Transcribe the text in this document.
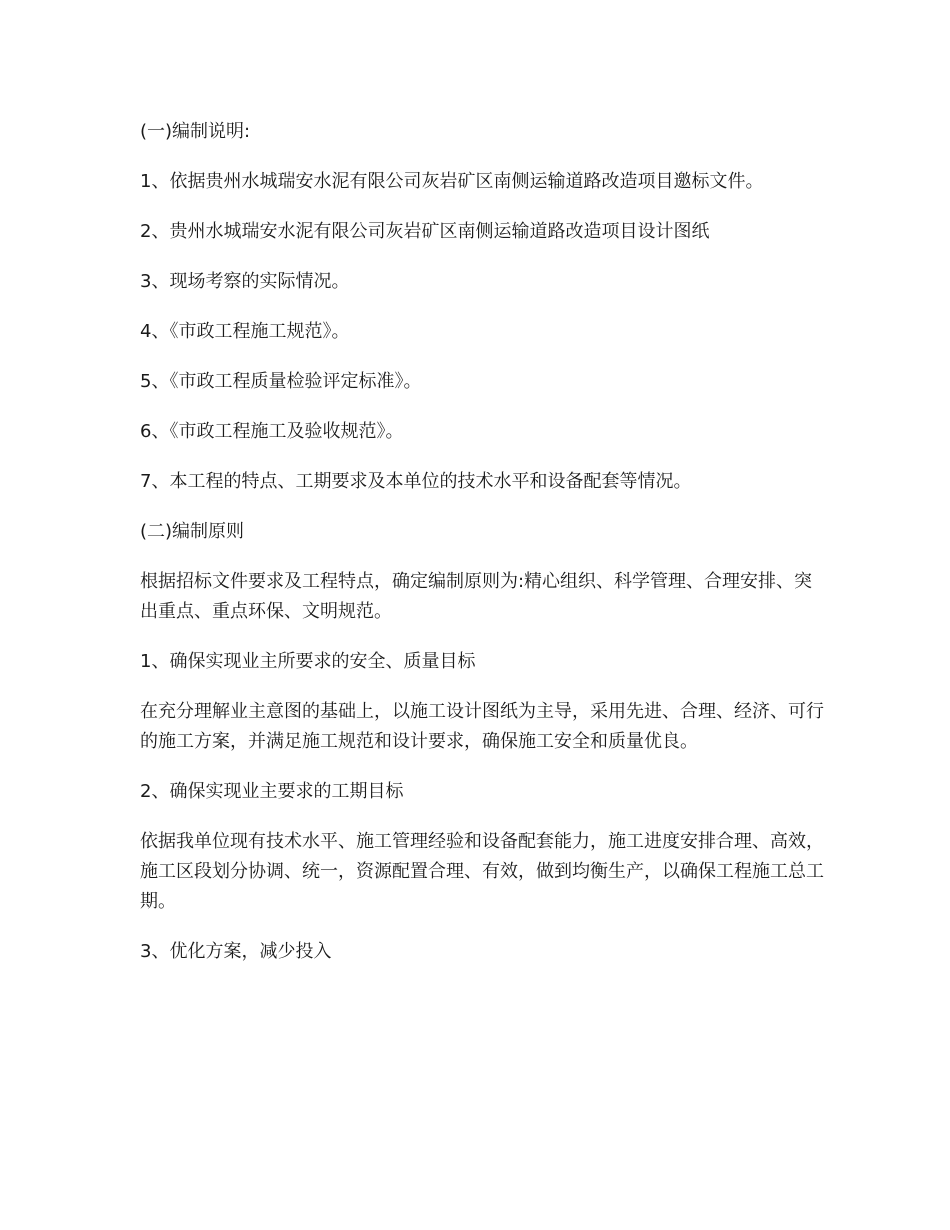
(一)编制说明:

1、依据贵州水城瑞安水泥有限公司灰岩矿区南侧运输道路改造项目邀标文件。

2、贵州水城瑞安水泥有限公司灰岩矿区南侧运输道路改造项目设计图纸

3、现场考察的实际情况。

4、《市政工程施工规范》。

5、《市政工程质量检验评定标准》。

6、《市政工程施工及验收规范》。

7、本工程的特点、工期要求及本单位的技术水平和设备配套等情况。

(二)编制原则

根据招标文件要求及工程特点，确定编制原则为:精心组织、科学管理、合理安排、突出重点、重点环保、文明规范。

1、确保实现业主所要求的安全、质量目标

在充分理解业主意图的基础上，以施工设计图纸为主导，采用先进、合理、经济、可行的施工方案，并满足施工规范和设计要求，确保施工安全和质量优良。

2、确保实现业主要求的工期目标

依据我单位现有技术水平、施工管理经验和设备配套能力，施工进度安排合理、高效，施工区段划分协调、统一，资源配置合理、有效，做到均衡生产，以确保工程施工总工期。

3、优化方案，减少投入
